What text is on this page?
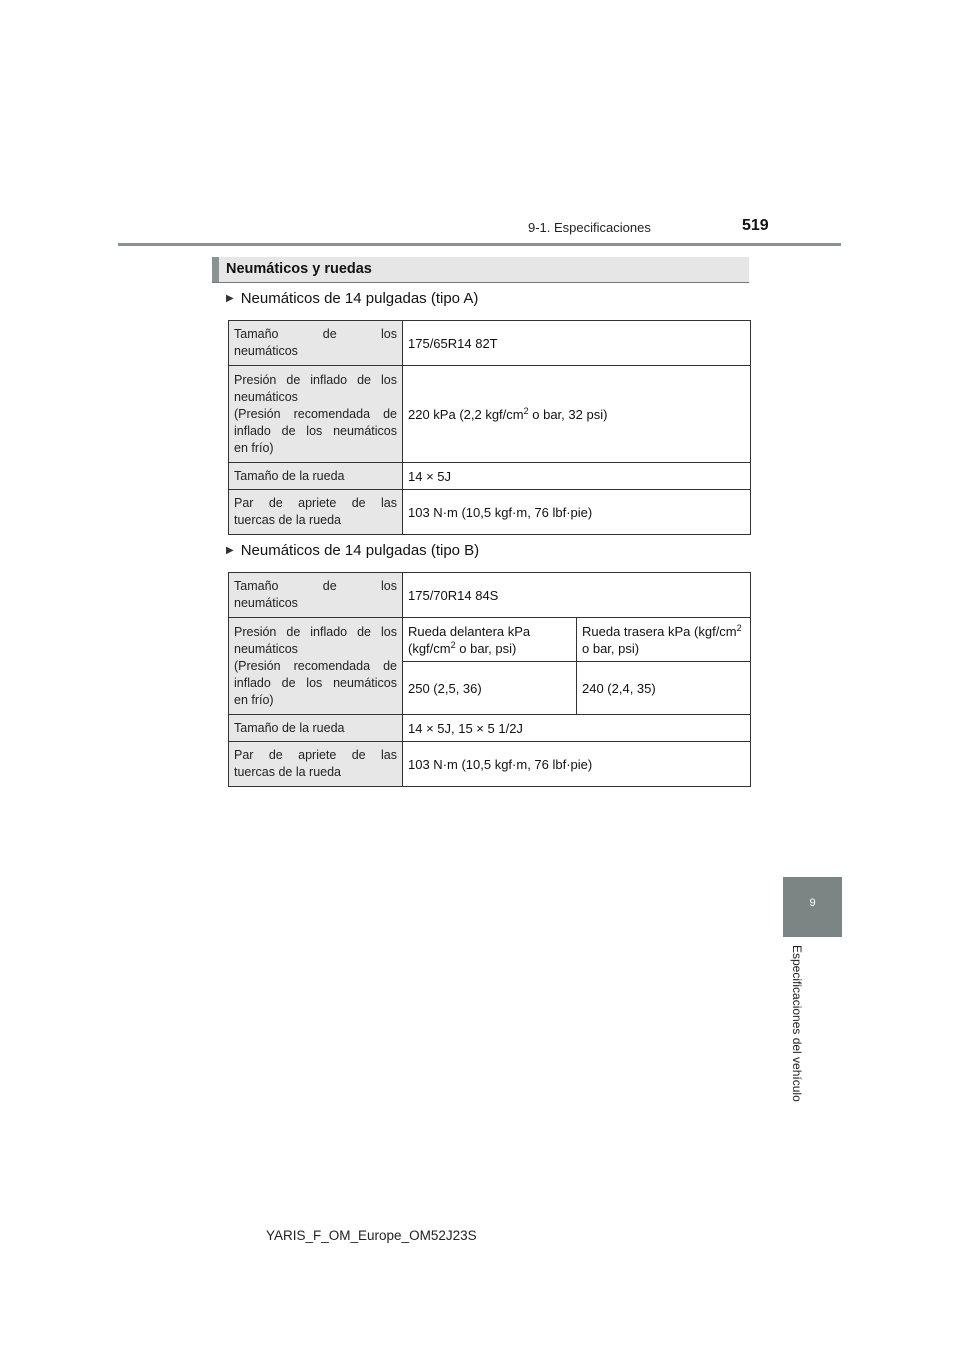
9-1. Especificaciones	519
Neumáticos y ruedas
▶ Neumáticos de 14 pulgadas (tipo A)
Tamaño de los
neumáticos	175/65R14 82T

Presión de inflado de los
neumáticos
(Presión recomendada de
inflado de los neumáticos
en frío)	220 kPa (2,2 kgf/$cm^2$ o bar, 32 psi)

Tamaño de la rueda	14 × 5J

Par de apriete de las
tuercas de la rueda	103 N·m (10,5 kgf·m, 76 lbf·pie)
▶ Neumáticos de 14 pulgadas (tipo B)
Tamaño de los
neumáticos	175/70R14 84S	

Presión de inflado de los
neumáticos
(Presión recomendada de
inflado de los neumáticos
en frío)	Rueda delantera kPa ($kgf/cm^2$ o bar, psi)	Rueda trasera kPa ($kgf/cm^2$ o bar, psi)
	250 (2,5, 36)	240 (2,4, 35)

Tamaño de la rueda	14 × 5J, 15 × 5 1/2J	

Par de apriete de las
tuercas de la rueda	103 N·m (10,5 kgf·m, 76 lbf·pie)	
9
Especificaciones del vehículo
YARIS_F_OM_Europe_OM52J23S
